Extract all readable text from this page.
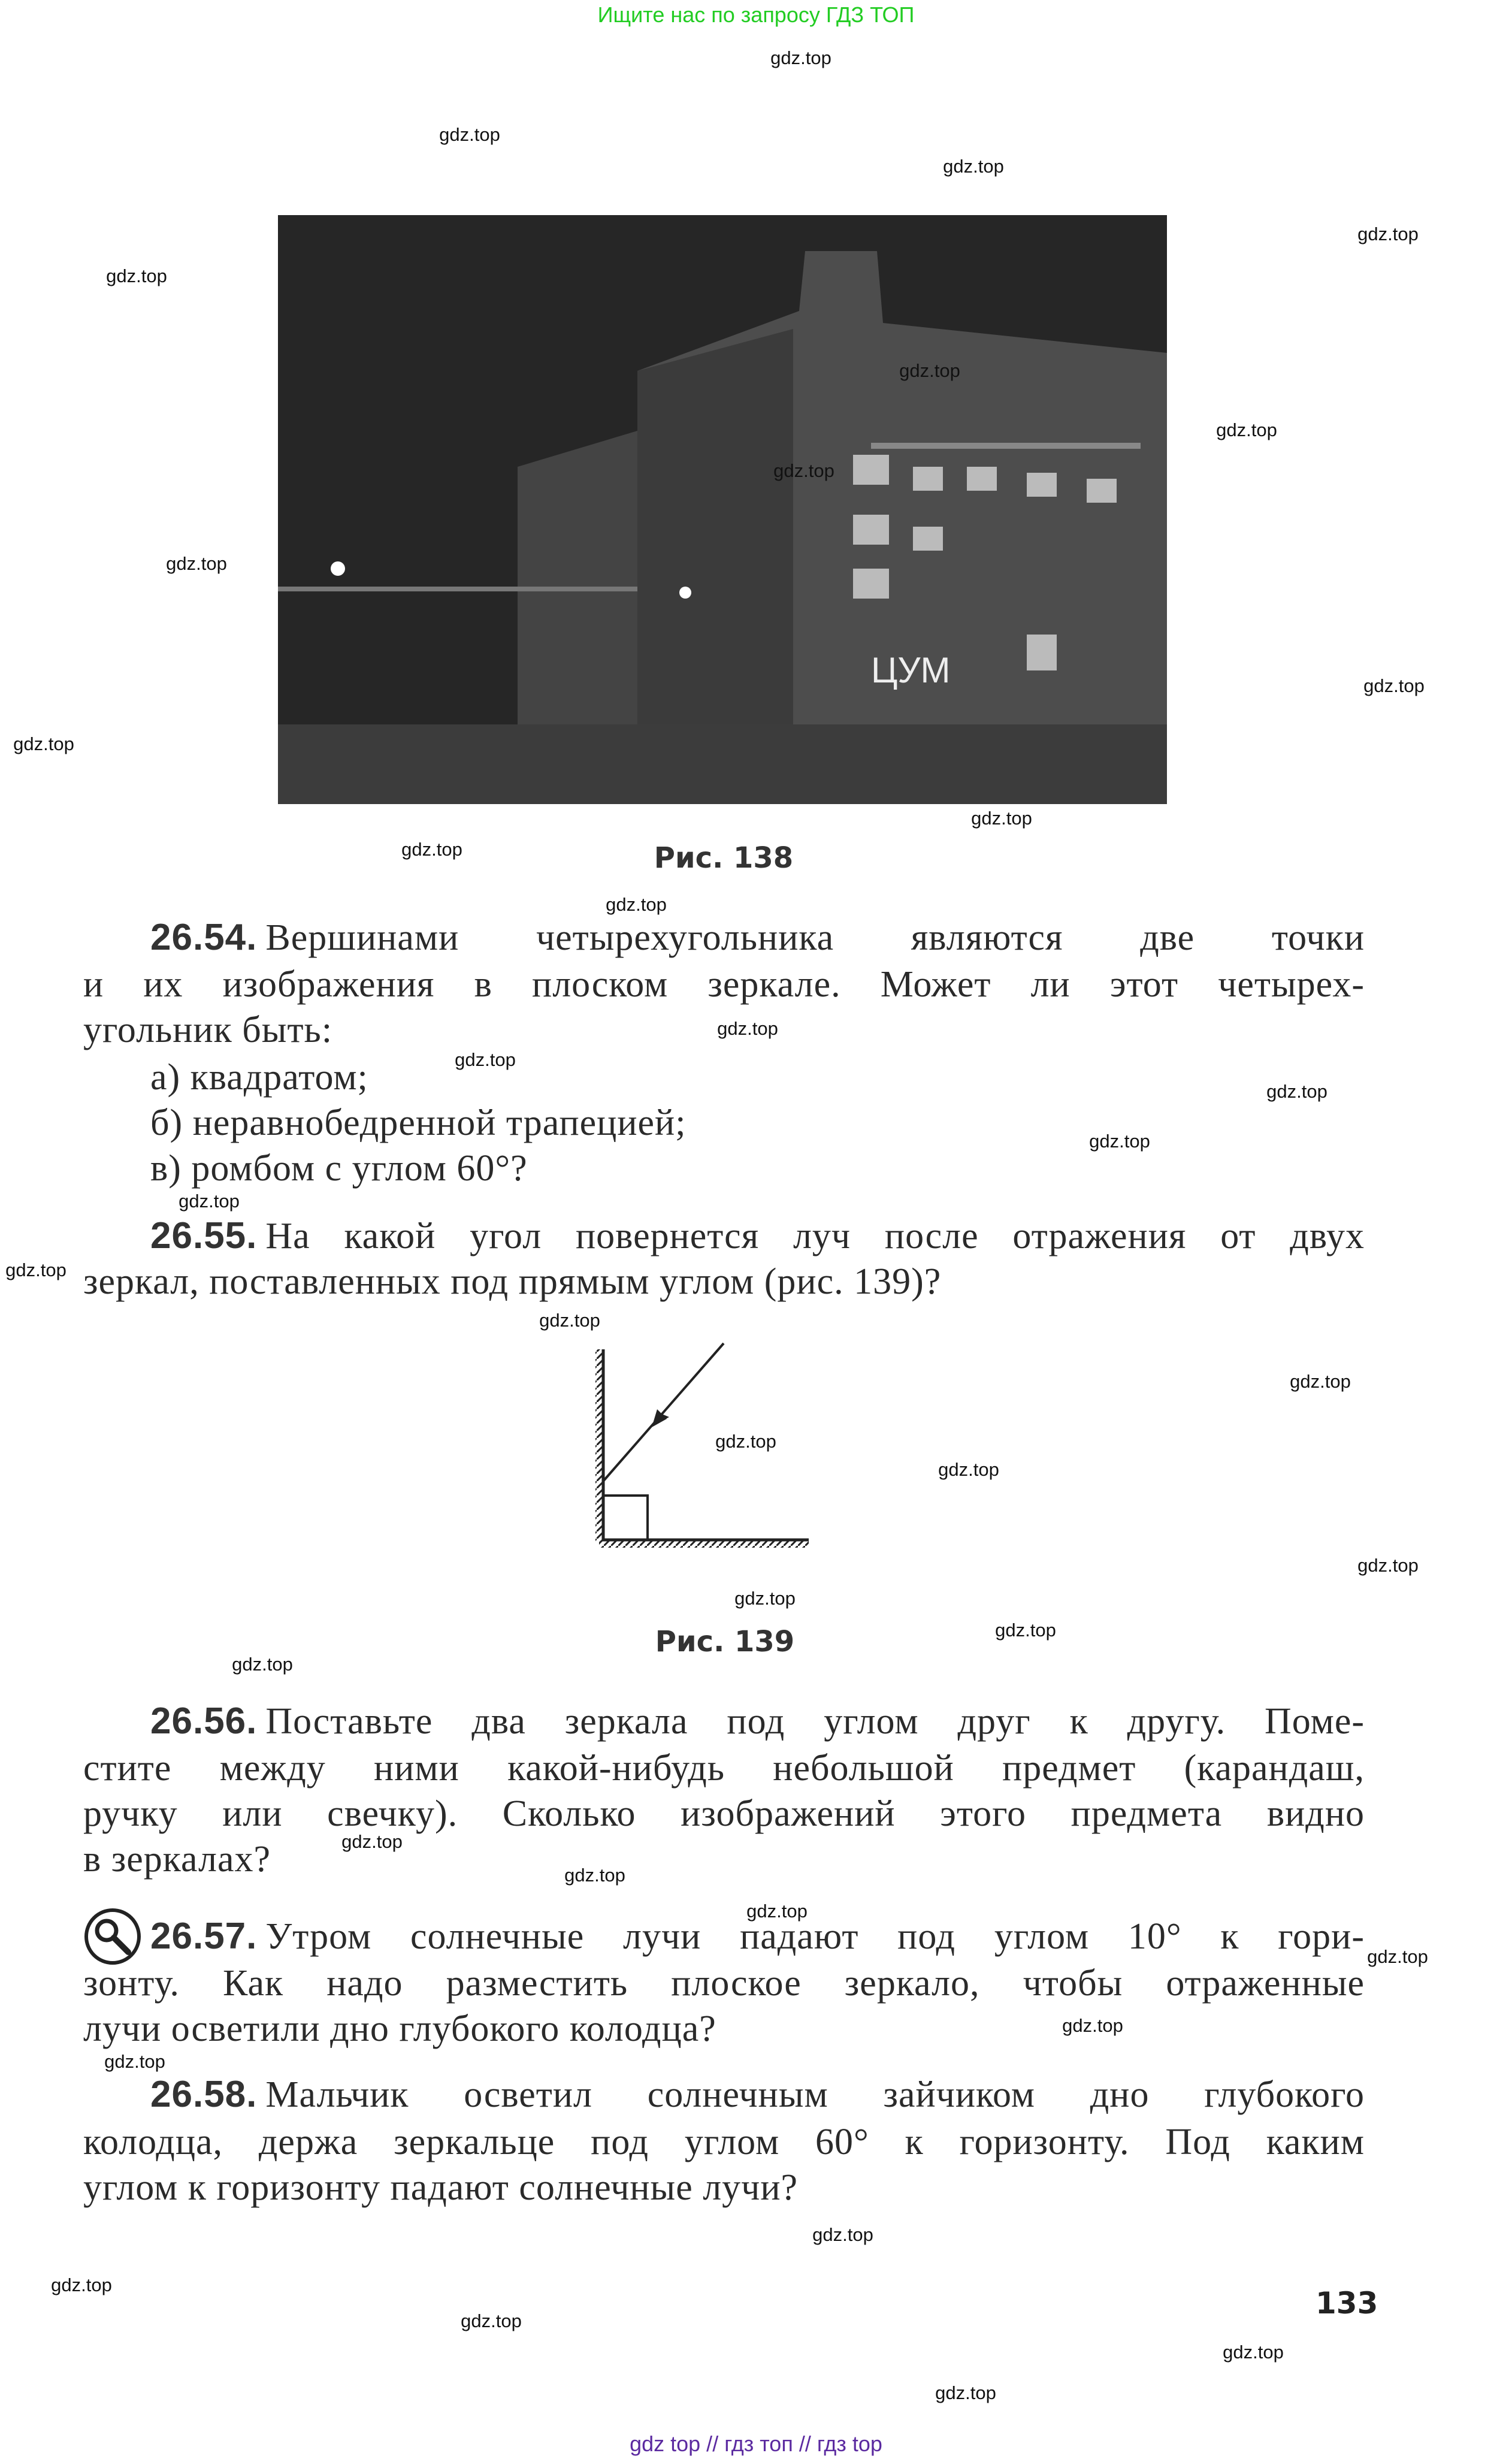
Ищите нас по запросу ГДЗ ТОП
ЦУМ
Рис. 138
26.54. Вершинами четырехугольника являются две точки
и их изображения в плоском зеркале. Может ли этот четырех-
угольник быть:
а) квадратом;
б) неравнобедренной трапецией;
в) ромбом с углом 60°?
26.55. На какой угол повернется луч после отражения от двух
зеркал, поставленных под прямым углом (рис. 139)?
Рис. 139
26.56. Поставьте два зеркала под углом друг к другу. Поме-
стите между ними какой-нибудь небольшой предмет (карандаш,
ручку или свечку). Сколько изображений этого предмета видно
в зеркалах?
26.57. Утром солнечные лучи падают под углом 10° к гори-
зонту. Как надо разместить плоское зеркало, чтобы отраженные
лучи осветили дно глубокого колодца?
26.58. Мальчик осветил солнечным зайчиком дно глубокого
колодца, держа зеркальце под углом 60° к горизонту. Под каким
углом к горизонту падают солнечные лучи?
133
gdz top // гдз топ // гдз top
gdz.top
gdz.top
gdz.top
gdz.top
gdz.top
gdz.top
gdz.top
gdz.top
gdz.top
gdz.top
gdz.top
gdz.top
gdz.top
gdz.top
gdz.top
gdz.top
gdz.top
gdz.top
gdz.top
gdz.top
gdz.top
gdz.top
gdz.top
gdz.top
gdz.top
gdz.top
gdz.top
gdz.top
gdz.top
gdz.top
gdz.top
gdz.top
gdz.top
gdz.top
gdz.top
gdz.top
gdz.top
gdz.top
gdz.top
